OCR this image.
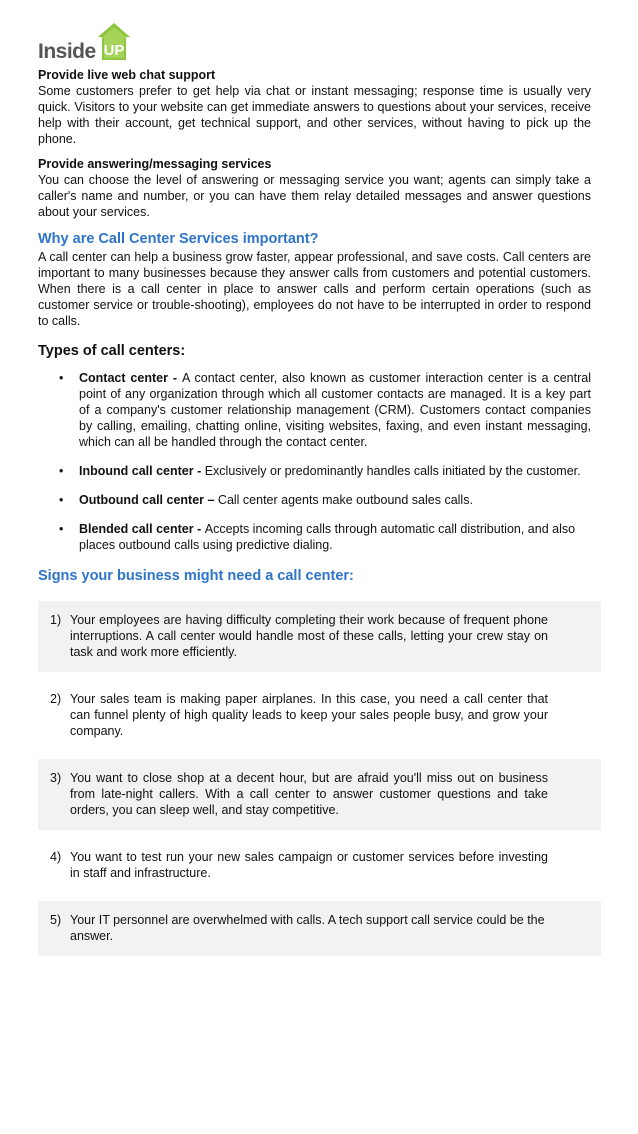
Inside UP
Provide live web chat support

Some customers prefer to get help via chat or instant messaging; response time is usually very quick. Visitors to your website can get immediate answers to questions about your services, receive help with their account, get technical support, and other services, without having to pick up the phone.

Provide answering/messaging services

You can choose the level of answering or messaging service you want; agents can simply take a caller's name and number, or you can have them relay detailed messages and answer questions about your services.

Why are Call Center Services important?

A call center can help a business grow faster, appear professional, and save costs. Call centers are important to many businesses because they answer calls from customers and potential customers. When there is a call center in place to answer calls and perform certain operations (such as customer service or trouble-shooting), employees do not have to be interrupted in order to respond to calls.

Types of call centers:
• Contact center - A contact center, also known as customer interaction center is a central point of any organization through which all customer contacts are managed. It is a key part of a company's customer relationship management (CRM). Customers contact companies by calling, emailing, chatting online, visiting websites, faxing, and even instant messaging, which can all be handled through the contact center.
• Inbound call center - Exclusively or predominantly handles calls initiated by the customer.
• Outbound call center – Call center agents make outbound sales calls.
• Blended call center - Accepts incoming calls through automatic call distribution, and also places outbound calls using predictive dialing.
Signs your business might need a call center:
1) Your employees are having difficulty completing their work because of frequent phone interruptions. A call center would handle most of these calls, letting your crew stay on task and work more efficiently.
2) Your sales team is making paper airplanes. In this case, you need a call center that can funnel plenty of high quality leads to keep your sales people busy, and grow your company.
3) You want to close shop at a decent hour, but are afraid you'll miss out on business from late-night callers. With a call center to answer customer questions and take orders, you can sleep well, and stay competitive.
4) You want to test run your new sales campaign or customer services before investing in staff and infrastructure.
5) Your IT personnel are overwhelmed with calls. A tech support call service could be the answer.
